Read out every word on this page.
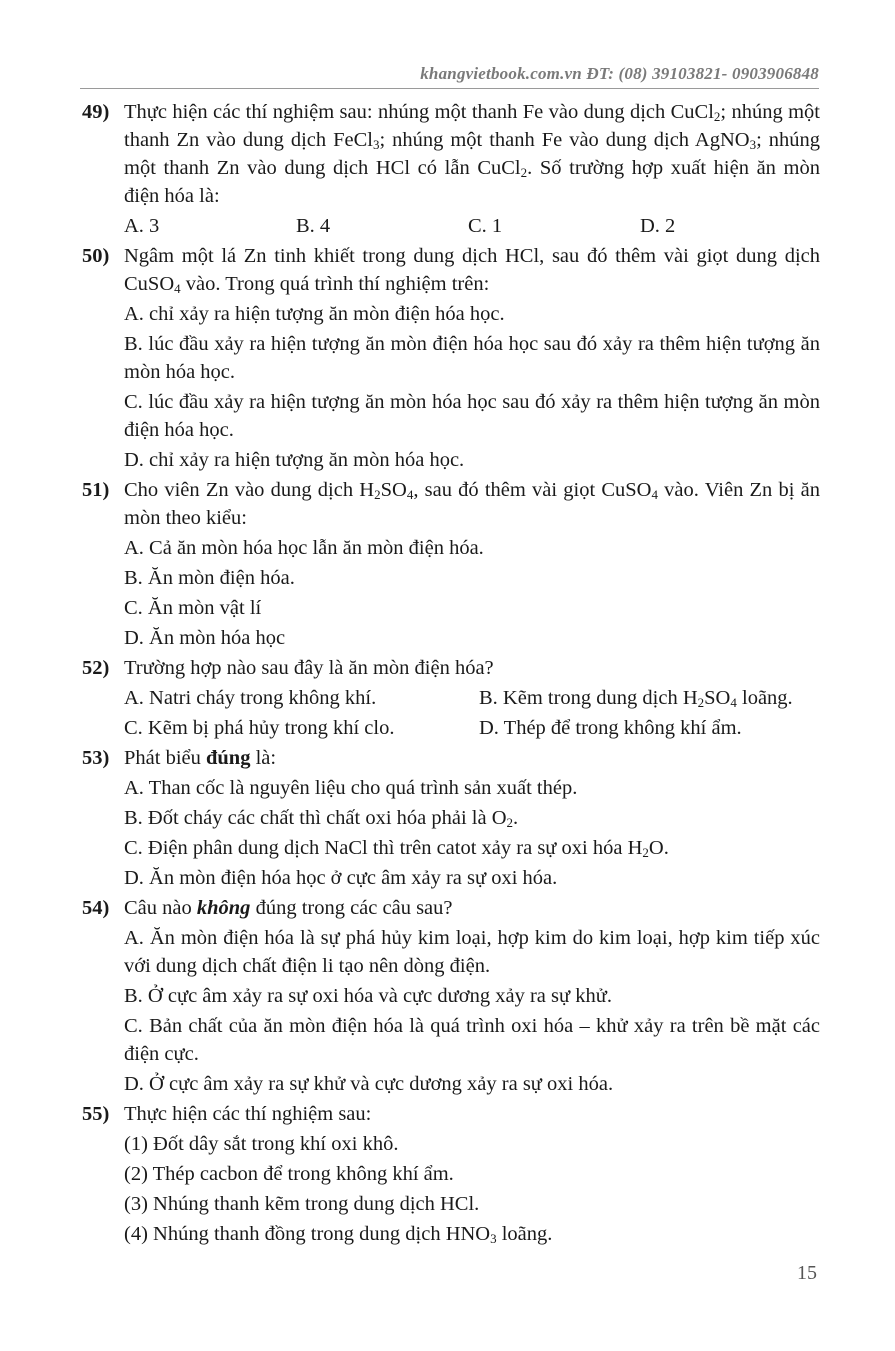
khangvietbook.com.vn ĐT: (08) 39103821- 0903906848
49) Thực hiện các thí nghiệm sau: nhúng một thanh Fe vào dung dịch CuCl$_2$; nhúng một thanh Zn vào dung dịch FeCl$_3$; nhúng một thanh Fe vào dung dịch AgNO$_3$; nhúng một thanh Zn vào dung dịch HCl có lẫn CuCl$_2$. Số trường hợp xuất hiện ăn mòn điện hóa là:
A. 3	B. 4	C. 1	D. 2
50) Ngâm một lá Zn tinh khiết trong dung dịch HCl, sau đó thêm vài giọt dung dịch CuSO$_4$ vào. Trong quá trình thí nghiệm trên:
A. chỉ xảy ra hiện tượng ăn mòn điện hóa học.
B. lúc đầu xảy ra hiện tượng ăn mòn điện hóa học sau đó xảy ra thêm hiện tượng ăn mòn hóa học.
C. lúc đầu xảy ra hiện tượng ăn mòn hóa học sau đó xảy ra thêm hiện tượng ăn mòn điện hóa học.
D. chỉ xảy ra hiện tượng ăn mòn hóa học.
51) Cho viên Zn vào dung dịch $H_2SO_4$, sau đó thêm vài giọt CuSO$_4$ vào. Viên Zn bị ăn mòn theo kiểu:
A. Cả ăn mòn hóa học lẫn ăn mòn điện hóa.
B. Ăn mòn điện hóa.
C. Ăn mòn vật lí
D. Ăn mòn hóa học
52) Trường hợp nào sau đây là ăn mòn điện hóa?
A. Natri cháy trong không khí.	B. Kẽm trong dung dịch $H_2SO_4$ loãng.
C. Kẽm bị phá hủy trong khí clo.	D. Thép để trong không khí ẩm.
53) Phát biểu đúng là:
A. Than cốc là nguyên liệu cho quá trình sản xuất thép.
B. Đốt cháy các chất thì chất oxi hóa phải là $O_2$.
C. Điện phân dung dịch NaCl thì trên catot xảy ra sự oxi hóa $H_2O$.
D. Ăn mòn điện hóa học ở cực âm xảy ra sự oxi hóa.
54) Câu nào không đúng trong các câu sau?
A. Ăn mòn điện hóa là sự phá hủy kim loại, hợp kim do kim loại, hợp kim tiếp xúc với dung dịch chất điện li tạo nên dòng điện.
B. Ở cực âm xảy ra sự oxi hóa và cực dương xảy ra sự khử.
C. Bản chất của ăn mòn điện hóa là quá trình oxi hóa – khử xảy ra trên bề mặt các điện cực.
D. Ở cực âm xảy ra sự khử và cực dương xảy ra sự oxi hóa.
55) Thực hiện các thí nghiệm sau:
(1) Đốt dây sắt trong khí oxi khô.
(2) Thép cacbon để trong không khí ẩm.
(3) Nhúng thanh kẽm trong dung dịch HCl.
(4) Nhúng thanh đồng trong dung dịch $HNO_3$ loãng.
15
